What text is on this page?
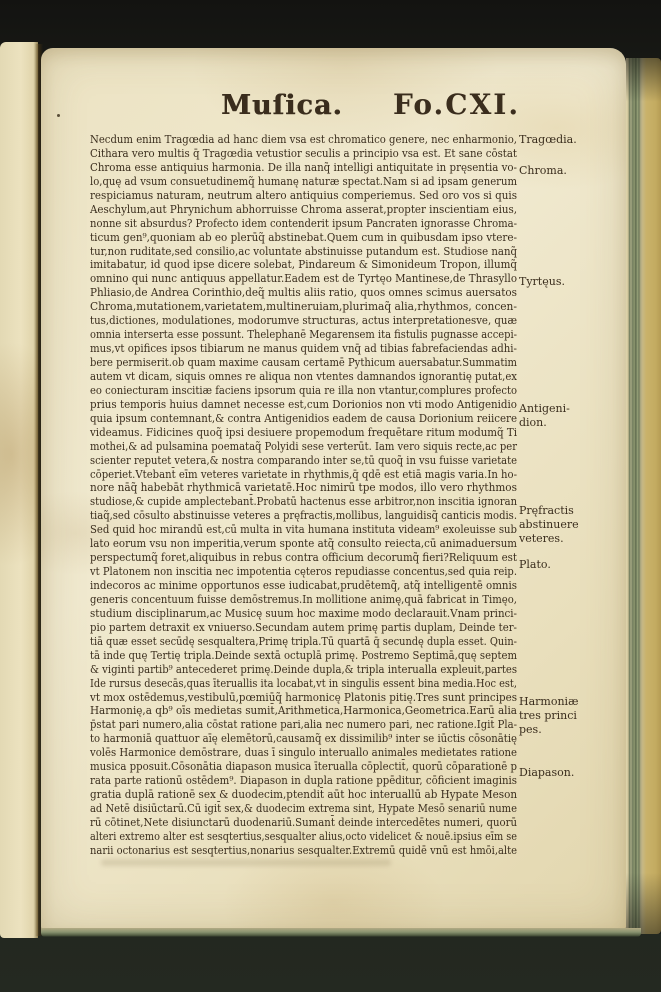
Muſica. Fo.CXI.
Necdum enim Tragœdia ad hanc diem vsa est chromatico genere, nec enharmonio,
Cithara vero multis q̄ Tragœdia vetustior seculis a principio vsa est. Et sane cōstat
Chroma esse antiquius harmonia. De illa nanq̃ intelligi antiquitate in pręsentia vo-
lo,quę ad vsum consuetudinemq̃ humanę naturæ spectat.Nam si ad ipsam generum
respiciamus naturam, neutrum altero antiquius comperiemus. Sed oro vos si quis
Aeschylum,aut Phrynichum abhorruisse Chroma asserat,propter inscientiam eius,
nonne sit absurdus? Profecto idem contenderit ipsum Pancraten ignorasse Chroma-
ticum gen⁹,quoniam ab eo plerūq̃ abstinebat.Quem cum in quibusdam ipso vtere-
tur,non ruditate,sed consilio,ac voluntate abstinuisse putandum est. Studiose nanq̃
imitabatur, id quod ipse dicere solebat, Pindareum & Simonideum Tropon, illumq̃
omnino qui nunc antiquus appellatur.Eadem est de Tyrtęo Mantinese,de Thrasyllo
Phliasio,de Andrea Corinthio,deq̃ multis aliis ratio, quos omnes scimus auersatos
Chroma,mutationem,varietatem,multineruiam,plurimaq̃ alia,rhythmos, concen-
tus,dictiones, modulationes, modorumve structuras, actus interpretationesve, quæ
omnia interserta esse possunt. Thelephanē Megarensem ita fistulis pugnasse accepi-
mus,vt opifices ipsos tibiarum ne manus quidem vnq̄ ad tibias fabrefaciendas adhi-
bere permiserit.ob quam maxime causam certamē Pythicum auersabatur.Summatim
autem vt dicam, siquis omnes re aliqua non vtentes damnandos ignorantię putat,ex
eo coniecturam inscitiæ faciens ipsorum quia re illa non vtantur,complures profecto
prius temporis huius damnet necesse est,cum Dorionios non vti modo Antigenidio
quia ipsum contemnant,& contra Antigenidios eadem de causa Dorionium reiicere
videamus. Fidicines quoq̃ ipsi desiuere propemodum frequētare ritum modumq̃ Ti
mothei,& ad pulsamina poemataq̃ Polyidi sese verterūt. Iam vero siquis recte,ac per
scienter reputet vetera,& nostra comparando inter se,tū quoq̃ in vsu fuisse varietate
cōperiet.Vtebant̄ eīm veteres varietate in rhythmis,q̄ qdē est etiā magis varia.In ho-
nore nāq̃ habebāt rhythmicā varietatē.Hoc nimirū tpe modos, illo vero rhythmos
studiose,& cupide amplectebant̄.Probatū hactenus esse arbitror,non inscitia ignoran
tiaq̃,sed cōsulto abstinuisse veteres a pręfractis,mollibus, languidisq̃ canticis modis.
Sed quid hoc mirandū est,cū multa in vita humana instituta videam⁹ exoleuisse sub
lato eorum vsu non imperitia,verum sponte atq̃ consulto reiecta,cū animaduersum
perspectumq̃ foret,aliquibus in rebus contra officium decorumq̃ fieri?Reliquum est
vt Platonem non inscitia nec impotentia cęteros repudiasse concentus,sed quia reip.
indecoros ac minime opportunos esse iudicabat,prudētemq̃, atq̃ intelligentē omnis
generis concentuum fuisse demōstremus.In mollitione animę,quā fabricat in Timęo,
studium disciplinarum,ac Musicę suum hoc maxime modo declarauit.Vnam princi-
pio partem detraxit ex vniuerso.Secundam autem primę partis duplam, Deinde ter-
tiā quæ esset secūdę sesqualtera,Primę tripla.Tū quartā q̄ secundę dupla esset. Quin-
tā inde quę Tertię tripla.Deinde sextā octuplā primę. Postremo Septimā,quę septem
& viginti partib⁹ antecederet primę.Deinde dupla,& tripla interualla expleuit,partes
Ide rursus desecās,quas īteruallis ita locabat,vt in singulis essent bina media.Hoc est,
vt mox ostēdemus,vestibulū,pœmiūq̃ harmonicę Platonis pitię.Tres sunt principes
Harmonię,a qb⁹ oīs medietas sumit̄,Arithmetica,Harmonica,Geometrica.Earū alia
p̄stat pari numero,alia cōstat ratione pari,alia nec numero pari, nec ratione.Igit̄ Pla-
to harmoniā quattuor aīę elemētorū,causamq̃ ex dissimilib⁹ inter se iūctis cōsonātię
volēs Harmonice demōstrare, duas ī singulo interuallo animales medietates ratione
musica pposuit.Cōsonātia diapason musica īterualla cōplectit̄, quorū cōparationē p
rata parte rationū ostēdem⁹. Diapason in dupla ratione ppēditur, cōficient imaginis
gratia duplā rationē sex & duodecim,ptendit̄ aūt hoc interuallū ab Hypate Meson
ad Netē disiūctarū.Cū igit̄ sex,& duodecim extrema sint, Hypate Mesō senariū nume
rū cōtinet,Nete disiunctarū duodenariū.Sumant̄ deinde intercedētes numeri, quorū
alteri extremo alter est sesqtertius,sesqualter alius,octo videlicet & nouē.ipsius eīm se
narii octonarius est sesqtertius,nonarius sesqualter.Extremū quidē vnū est hmōi,alte
Tragœdia.
Chroma.
Tyrtęus.
Antigeni-
dion.
Pręfractis
abstinuere
veteres.
Plato.
Harmoniæ
tres princi
pes.
Diapason.
